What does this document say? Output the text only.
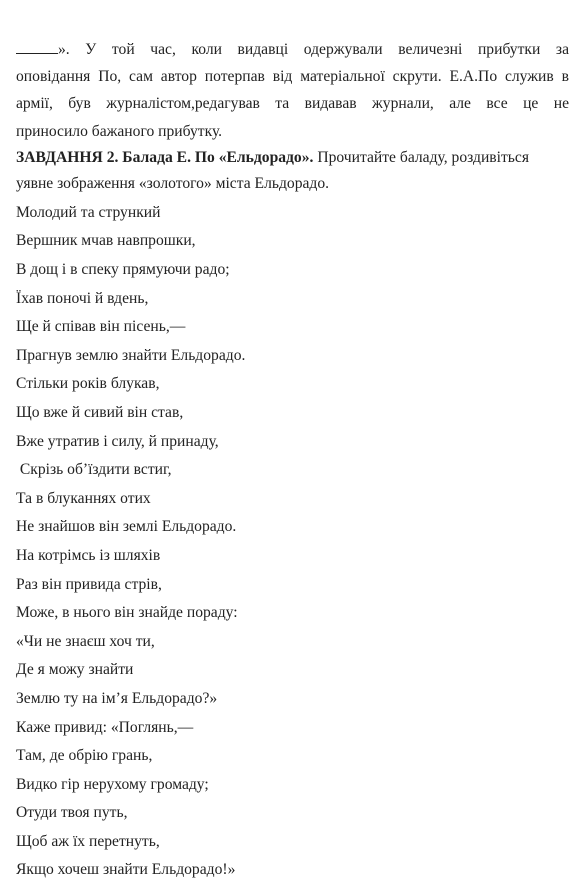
». У той час, коли видавці одержували величезні прибутки за
оповідання По, сам автор потерпав від матеріальної скрути. Е.А.По служив в
армії, був журналістом,редагував та видавав журнали, але все це не
приносило бажаного прибутку.
ЗАВДАННЯ 2. Балада Е. По «Ельдорадо». Прочитайте баладу, роздивіться
уявне зображення «золотого» міста Ельдорадо.
Молодий та стрункий
Вершник мчав навпрошки,
В дощ і в спеку прямуючи радо;
Їхав поночі й вдень,
Ще й співав він пісень,—
Прагнув землю знайти Ельдорадо.
Стільки років блукав,
Що вже й сивий він став,
Вже утратив і силу, й принаду,
Скрізь об’їздити встиг,
Та в блуканнях отих
Не знайшов він землі Ельдорадо.
На котрімсь із шляхів
Раз він привида стрів,
Може, в нього він знайде пораду:
«Чи не знаєш хоч ти,
Де я можу знайти
Землю ту на ім’я Ельдорадо?»
Каже привид: «Поглянь,—
Там, де обрію грань,
Видко гір нерухому громаду;
Отуди твоя путь,
Щоб аж їх перетнуть,
Якщо хочеш знайти Ельдорадо!»
